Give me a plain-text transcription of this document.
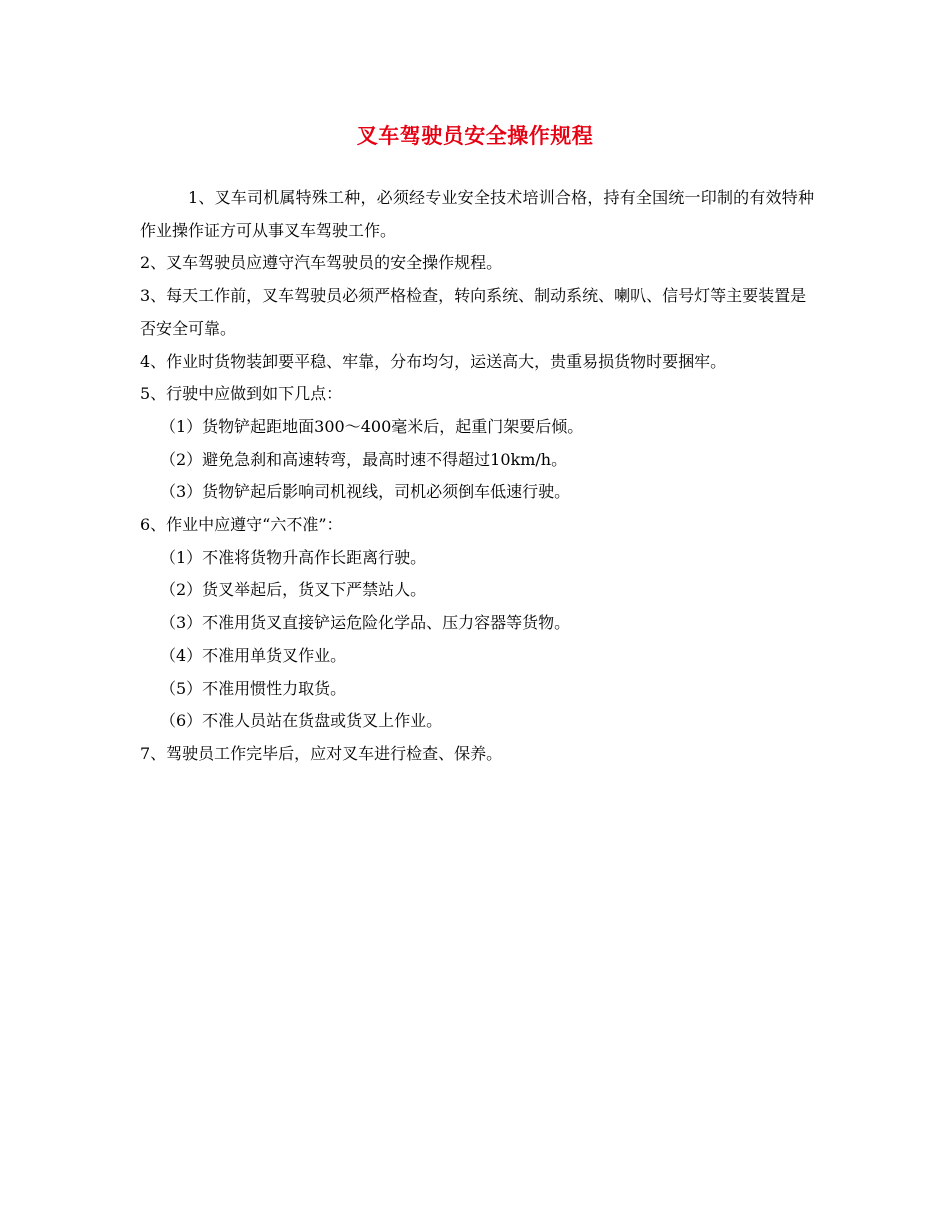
叉车驾驶员安全操作规程

1、叉车司机属特殊工种，必须经专业安全技术培训合格，持有全国统一印制的有效特种作业操作证方可从事叉车驾驶工作。

2、叉车驾驶员应遵守汽车驾驶员的安全操作规程。

3、每天工作前，叉车驾驶员必须严格检查，转向系统、制动系统、喇叭、信号灯等主要装置是否安全可靠。

4、作业时货物装卸要平稳、牢靠，分布均匀，运送高大，贵重易损货物时要捆牢。

5、行驶中应做到如下几点：

（1）货物铲起距地面300～400毫米后，起重门架要后倾。

（2）避免急刹和高速转弯，最高时速不得超过10km/h。

（3）货物铲起后影响司机视线，司机必须倒车低速行驶。

6、作业中应遵守“六不准”：

（1）不准将货物升高作长距离行驶。

（2）货叉举起后，货叉下严禁站人。

（3）不准用货叉直接铲运危险化学品、压力容器等货物。

（4）不准用单货叉作业。

（5）不准用惯性力取货。

（6）不准人员站在货盘或货叉上作业。

7、驾驶员工作完毕后，应对叉车进行检查、保养。
